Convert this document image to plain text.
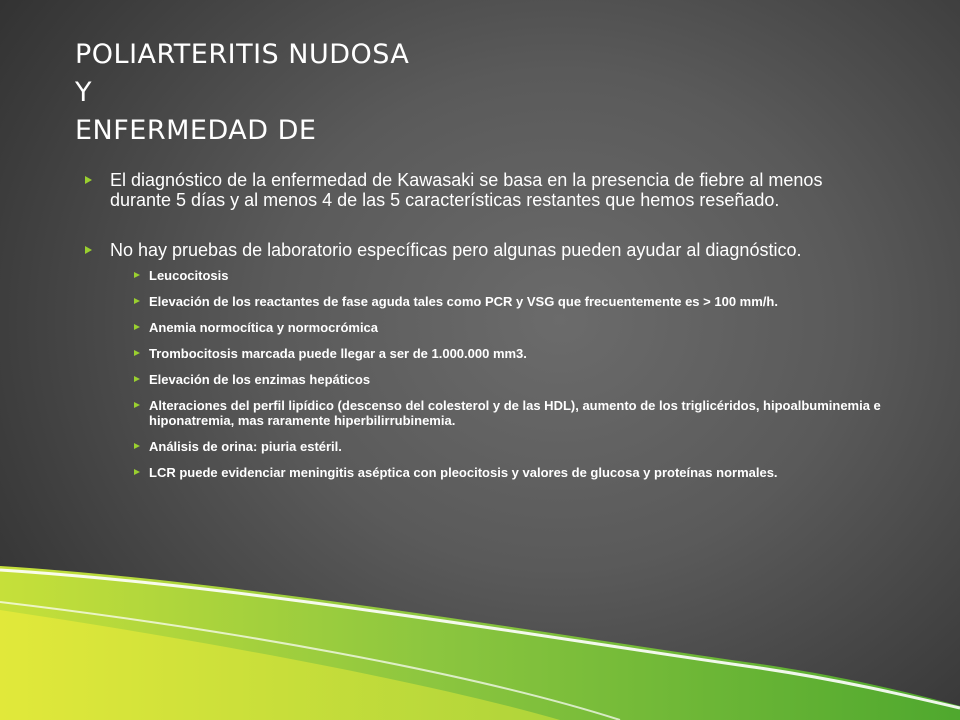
POLIARTERITIS NUDOSA
Y
ENFERMEDAD DE
El diagnóstico de la enfermedad de Kawasaki se basa en la presencia de fiebre al menos durante 5 días y al menos 4 de las 5 características restantes que hemos reseñado.
No hay pruebas de laboratorio específicas pero algunas pueden ayudar al diagnóstico.
Leucocitosis
Elevación de los reactantes de fase aguda tales como PCR y VSG que frecuentemente es > 100 mm/h.
Anemia normocítica y normocrómica
Trombocitosis marcada puede llegar a ser de 1.000.000 mm3.
Elevación de los enzimas hepáticos
Alteraciones del perfil lipídico (descenso del colesterol y de las HDL), aumento de los triglicéridos, hipoalbuminemia e hiponatremia, mas raramente hiperbilirrubinemia.
Análisis de orina: piuria estéril.
LCR puede evidenciar meningitis aséptica con pleocitosis y valores de glucosa y proteínas normales.
